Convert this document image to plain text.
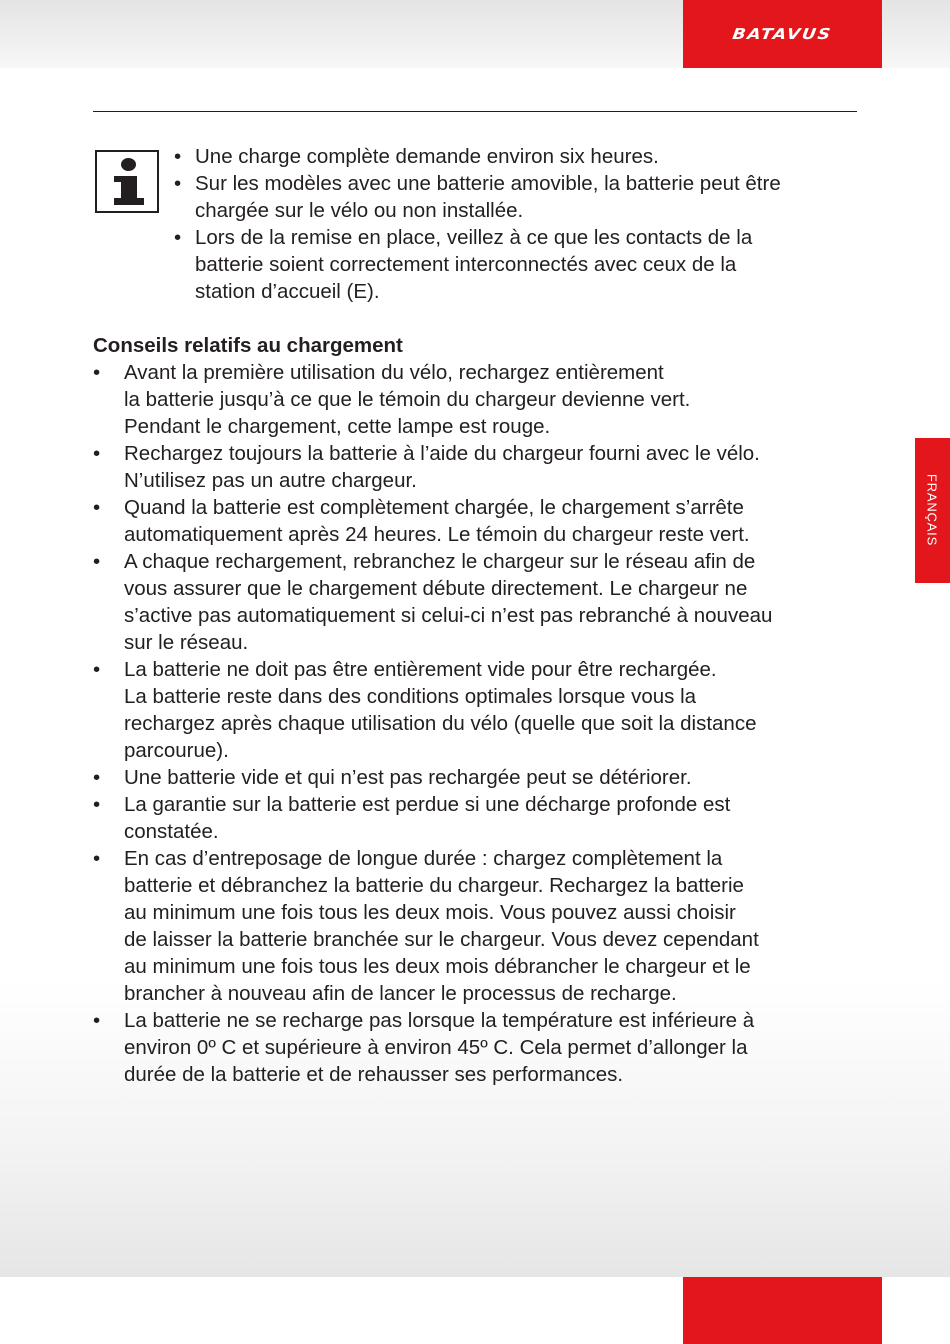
BATAVUS
FRANÇAIS
• Une charge complète demande environ six heures.
• Sur les modèles avec une batterie amovible, la batterie peut être
chargée sur le vélo ou non installée.
• Lors de la remise en place, veillez à ce que les contacts de la
batterie soient correctement interconnectés avec ceux de la
station d’accueil (E).
Conseils relatifs au chargement
• Avant la première utilisation du vélo, rechargez entièrement
la batterie jusqu’à ce que le témoin du chargeur devienne vert.
Pendant le chargement, cette lampe est rouge.
• Rechargez toujours la batterie à l’aide du chargeur fourni avec le vélo.
N’utilisez pas un autre chargeur.
• Quand la batterie est complètement chargée, le chargement s’arrête
automatiquement après 24 heures. Le témoin du chargeur reste vert.
• A chaque rechargement, rebranchez le chargeur sur le réseau afin de
vous assurer que le chargement débute directement. Le chargeur ne
s’active pas automatiquement si celui-ci n’est pas rebranché à nouveau
sur le réseau.
• La batterie ne doit pas être entièrement vide pour être rechargée.
La batterie reste dans des conditions optimales lorsque vous la
rechargez après chaque utilisation du vélo (quelle que soit la distance
parcourue).
• Une batterie vide et qui n’est pas rechargée peut se détériorer.
• La garantie sur la batterie est perdue si une décharge profonde est
constatée.
• En cas d’entreposage de longue durée : chargez complètement la
batterie et débranchez la batterie du chargeur. Rechargez la batterie
au minimum une fois tous les deux mois. Vous pouvez aussi choisir
de laisser la batterie branchée sur le chargeur. Vous devez cependant
au minimum une fois tous les deux mois débrancher le chargeur et le
brancher à nouveau afin de lancer le processus de recharge.
• La batterie ne se recharge pas lorsque la température est inférieure à
environ 0º C et supérieure à environ 45º C. Cela permet d’allonger la
durée de la batterie et de rehausser ses performances.
